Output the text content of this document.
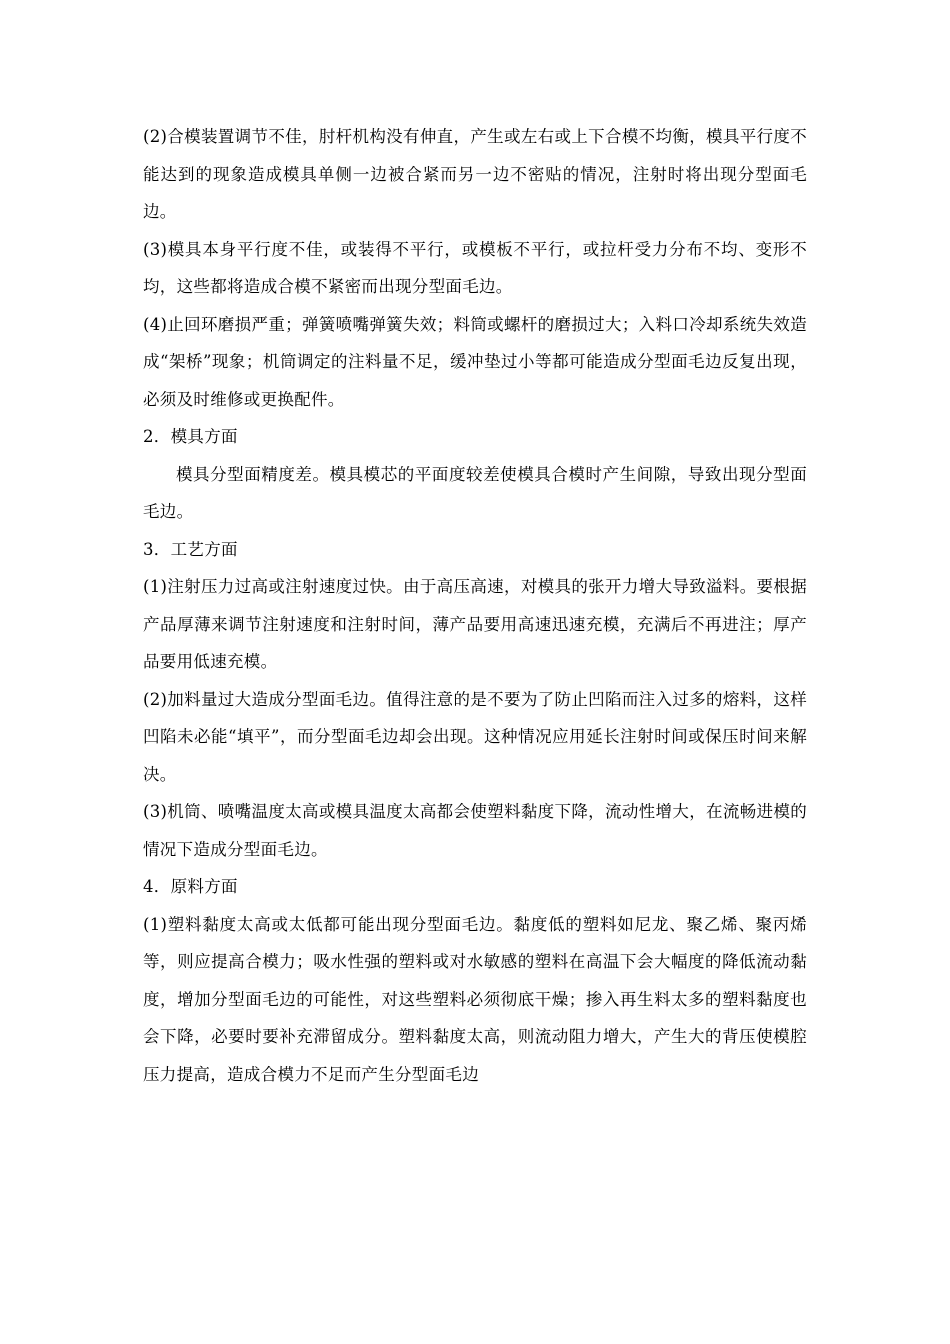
(2)合模装置调节不佳，肘杆机构没有伸直，产生或左右或上下合模不均衡，模具平行度不能达到的现象造成模具单侧一边被合紧而另一边不密贴的情况，注射时将出现分型面毛边。

(3)模具本身平行度不佳，或装得不平行，或模板不平行，或拉杆受力分布不均、变形不均，这些都将造成合模不紧密而出现分型面毛边。

(4)止回环磨损严重；弹簧喷嘴弹簧失效；料筒或螺杆的磨损过大；入料口冷却系统失效造成“架桥”现象；机筒调定的注料量不足，缓冲垫过小等都可能造成分型面毛边反复出现，必须及时维修或更换配件。

2．模具方面

模具分型面精度差。模具模芯的平面度较差使模具合模时产生间隙，导致出现分型面毛边。

3．工艺方面

(1)注射压力过高或注射速度过快。由于高压高速，对模具的张开力增大导致溢料。要根据产品厚薄来调节注射速度和注射时间，薄产品要用高速迅速充模，充满后不再进注；厚产品要用低速充模。

(2)加料量过大造成分型面毛边。值得注意的是不要为了防止凹陷而注入过多的熔料，这样凹陷未必能“填平”，而分型面毛边却会出现。这种情况应用延长注射时间或保压时间来解决。

(3)机筒、喷嘴温度太高或模具温度太高都会使塑料黏度下降，流动性增大，在流畅进模的情况下造成分型面毛边。

4．原料方面

(1)塑料黏度太高或太低都可能出现分型面毛边。黏度低的塑料如尼龙、聚乙烯、聚丙烯等，则应提高合模力；吸水性强的塑料或对水敏感的塑料在高温下会大幅度的降低流动黏度，增加分型面毛边的可能性，对这些塑料必须彻底干燥；掺入再生料太多的塑料黏度也会下降，必要时要补充滞留成分。塑料黏度太高，则流动阻力增大，产生大的背压使模腔压力提高，造成合模力不足而产生分型面毛边
